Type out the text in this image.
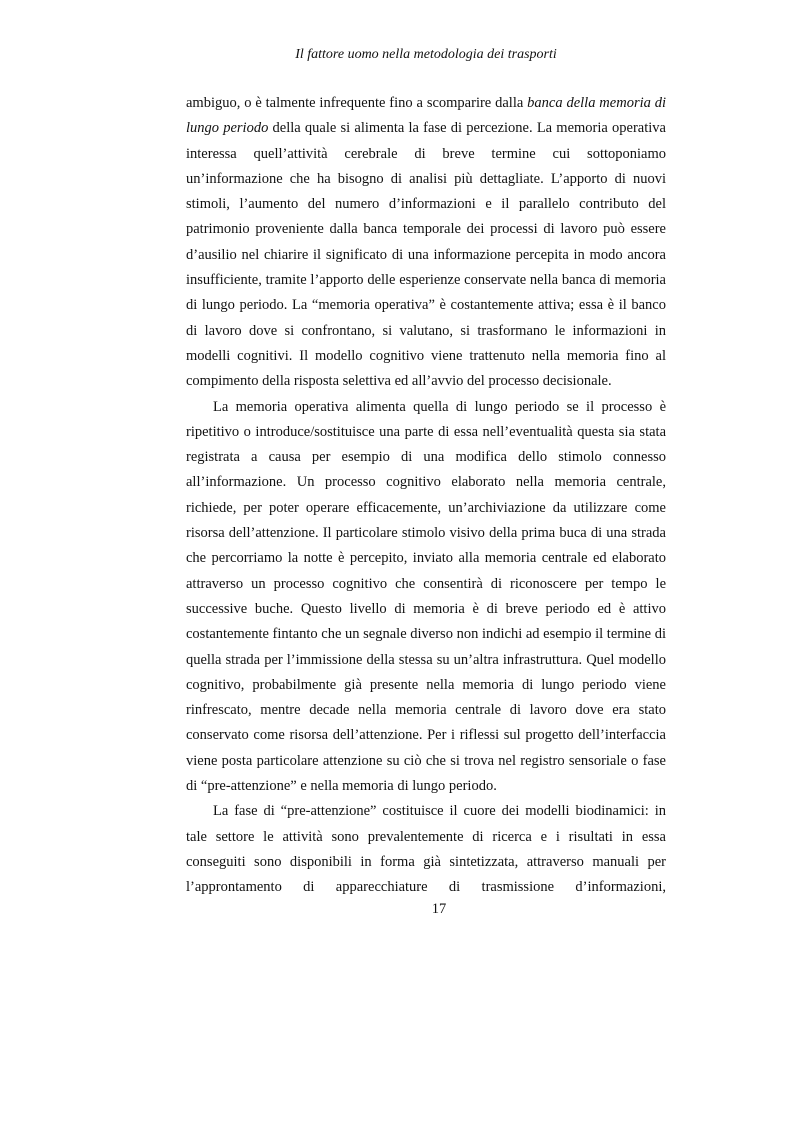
Il fattore uomo nella metodologia dei trasporti

ambiguo, o è talmente infrequente fino a scomparire dalla banca della memoria di lungo periodo della quale si alimenta la fase di percezione. La memoria operativa interessa quell’attività cerebrale di breve termine cui sottoponiamo un’informazione che ha bisogno di analisi più dettagliate. L’apporto di nuovi stimoli, l’aumento del numero d’informazioni e il parallelo contributo del patrimonio proveniente dalla banca temporale dei processi di lavoro può essere d’ausilio nel chiarire il significato di una informazione percepita in modo ancora insufficiente, tramite l’apporto delle esperienze conservate nella banca di memoria di lungo periodo. La “memoria operativa” è costantemente attiva; essa è il banco di lavoro dove si confrontano, si valutano, si trasformano le informazioni in modelli cognitivi. Il modello cognitivo viene trattenuto nella memoria fino al compimento della risposta selettiva ed all’avvio del processo decisionale.

La memoria operativa alimenta quella di lungo periodo se il processo è ripetitivo o introduce/sostituisce una parte di essa nell’eventualità questa sia stata registrata a causa per esempio di una modifica dello stimolo connesso all’informazione. Un processo cognitivo elaborato nella memoria centrale, richiede, per poter operare efficacemente, un’archiviazione da utilizzare come risorsa dell’attenzione. Il particolare stimolo visivo della prima buca di una strada che percorriamo la notte è percepito, inviato alla memoria centrale ed elaborato attraverso un processo cognitivo che consentirà di riconoscere per tempo le successive buche. Questo livello di memoria è di breve periodo ed è attivo costantemente fintanto che un segnale diverso non indichi ad esempio il termine di quella strada per l’immissione della stessa su un’altra infrastruttura. Quel modello cognitivo, probabilmente già presente nella memoria di lungo periodo viene rinfrescato, mentre decade nella memoria centrale di lavoro dove era stato conservato come risorsa dell’attenzione. Per i riflessi sul progetto dell’interfaccia viene posta particolare attenzione su ciò che si trova nel registro sensoriale o fase di “pre-attenzione” e nella memoria di lungo periodo.

La fase di “pre-attenzione” costituisce il cuore dei modelli biodinamici: in tale settore le attività sono prevalentemente di ricerca e i risultati in essa conseguiti sono disponibili in forma già sintetizzata, attraverso manuali per l’approntamento di apparecchiature di trasmissione d’informazioni,

17
